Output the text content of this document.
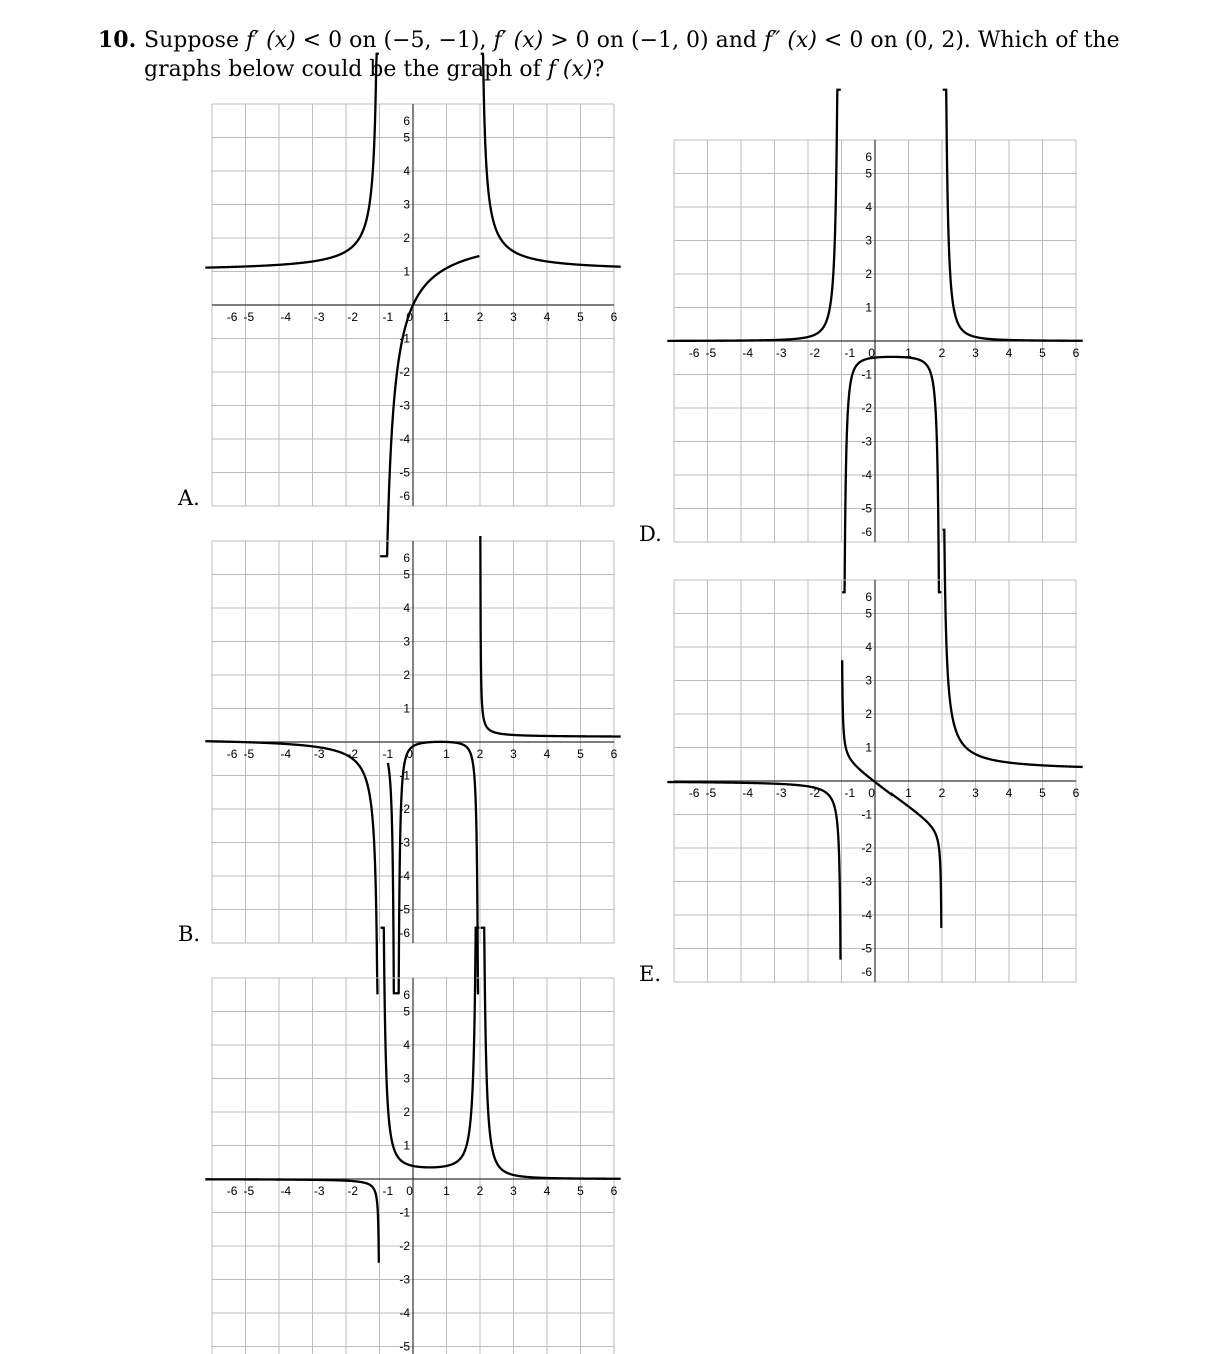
10. Suppose f′ (x) < 0 on (−5, −1), f′ (x) > 0 on (−1, 0) and f″ (x) < 0 on (0, 2). Which of the
graphs below could be the graph of f (x)?
A.
B.
D.
E.
-6 -5 -4 -3 -2 -1 0	1 2 3 4 5 6
6
5
4
3
2
1
-1
-2
-3
-4
-5
-6
-6 -5 -4 -3 -2 -1 0	1 2 3 4 5 6
6
5
4
3
2
1
-1
-2
-3
-4
-5
-6
-6 -5 -4 -3 -2 -1 0	1 2 3 4 5 6
6
5
4
3
2
1
-1
-2
-3
-4
-5
-6 -5 -4 -3 -2 -1 0	1 2 3 4 5 6
6
5
4
3
2
1
-1
-2
-3
-4
-5
-6
-6 -5 -4 -3 -2 -1 0	1 2 3 4 5 6
6
5
4
3
2
1
-1
-2
-3
-4
-5
-6
